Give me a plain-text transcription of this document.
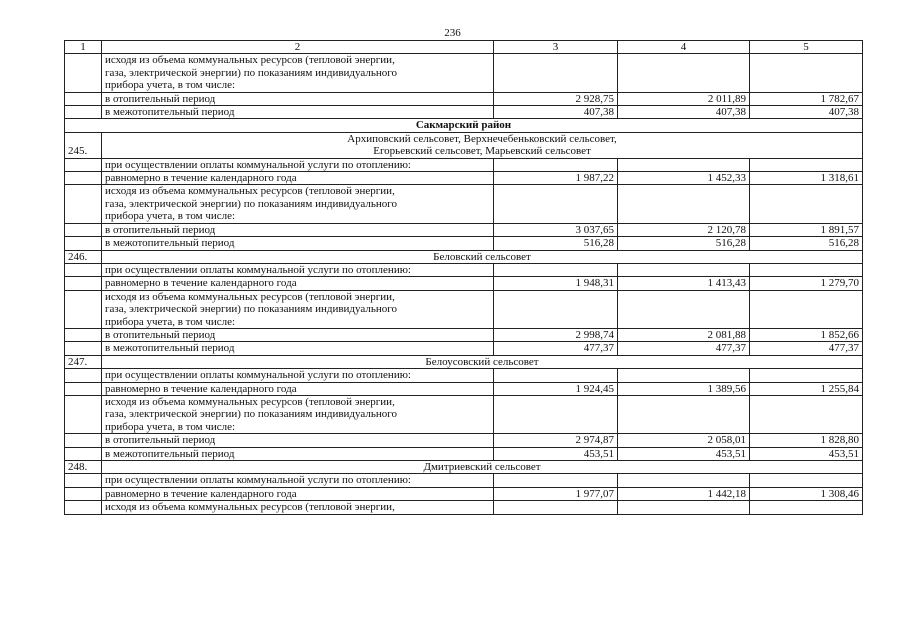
236
1	2	3	4	5
	исходя из объема коммунальных ресурсов (тепловой энергии,
газа, электрической энергии) по показаниям индивидуального
прибора учета, в том числе:			
	в отопительный период	2 928,75	2 011,89	1 782,67
	в межотопительный период	407,38	407,38	407,38
Сакмарский район				
245.	Архиповский сельсовет, Верхнечебеньковский сельсовет,
Егорьевский сельсовет, Марьевский сельсовет			
	при осуществлении оплаты коммунальной услуги по отоплению:			
	равномерно в течение календарного года	1 987,22	1 452,33	1 318,61
	исходя из объема коммунальных ресурсов (тепловой энергии,
газа, электрической энергии) по показаниям индивидуального
прибора учета, в том числе:			
	в отопительный период	3 037,65	2 120,78	1 891,57
	в межотопительный период	516,28	516,28	516,28
246.	Беловский сельсовет			
	при осуществлении оплаты коммунальной услуги по отоплению:			
	равномерно в течение календарного года	1 948,31	1 413,43	1 279,70
	исходя из объема коммунальных ресурсов (тепловой энергии,
газа, электрической энергии) по показаниям индивидуального
прибора учета, в том числе:			
	в отопительный период	2 998,74	2 081,88	1 852,66
	в межотопительный период	477,37	477,37	477,37
247.	Белоусовский сельсовет			
	при осуществлении оплаты коммунальной услуги по отоплению:			
	равномерно в течение календарного года	1 924,45	1 389,56	1 255,84
	исходя из объема коммунальных ресурсов (тепловой энергии,
газа, электрической энергии) по показаниям индивидуального
прибора учета, в том числе:			
	в отопительный период	2 974,87	2 058,01	1 828,80
	в межотопительный период	453,51	453,51	453,51
248.	Дмитриевский сельсовет			
	при осуществлении оплаты коммунальной услуги по отоплению:			
	равномерно в течение календарного года	1 977,07	1 442,18	1 308,46
	исходя из объема коммунальных ресурсов (тепловой энергии,			
